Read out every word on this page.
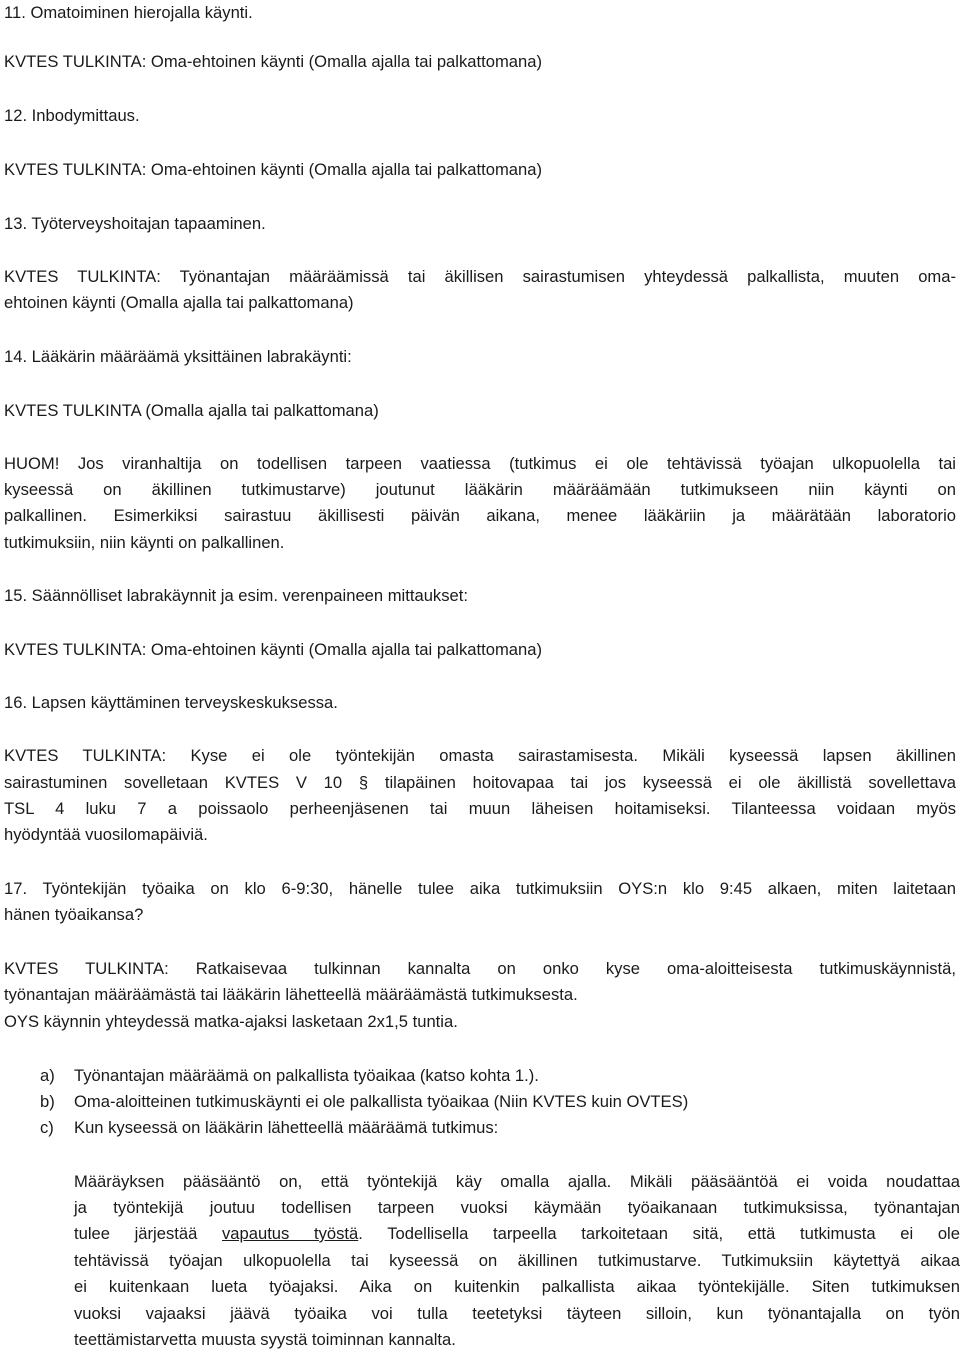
11. Omatoiminen hierojalla käynti.
KVTES TULKINTA: Oma-ehtoinen käynti (Omalla ajalla tai palkattomana)
12. Inbodymittaus.
KVTES TULKINTA: Oma-ehtoinen käynti (Omalla ajalla tai palkattomana)
13. Työterveyshoitajan tapaaminen.
KVTES TULKINTA: Työnantajan määräämissä tai äkillisen sairastumisen yhteydessä palkallista, muuten oma-
ehtoinen käynti (Omalla ajalla tai palkattomana)
14. Lääkärin määräämä yksittäinen labrakäynti:
KVTES TULKINTA (Omalla ajalla tai palkattomana)
HUOM! Jos viranhaltija on todellisen tarpeen vaatiessa (tutkimus ei ole tehtävissä työajan ulkopuolella tai
kyseessä on äkillinen tutkimustarve) joutunut lääkärin määräämään tutkimukseen niin käynti on
palkallinen. Esimerkiksi sairastuu äkillisesti päivän aikana, menee lääkäriin ja määrätään laboratorio
tutkimuksiin, niin käynti on palkallinen.
15. Säännölliset labrakäynnit ja esim. verenpaineen mittaukset:
KVTES TULKINTA: Oma-ehtoinen käynti (Omalla ajalla tai palkattomana)
16. Lapsen käyttäminen terveyskeskuksessa.
KVTES TULKINTA: Kyse ei ole työntekijän omasta sairastamisesta. Mikäli kyseessä lapsen äkillinen
sairastuminen sovelletaan KVTES V 10 § tilapäinen hoitovapaa tai jos kyseessä ei ole äkillistä sovellettava
TSL 4 luku 7 a poissaolo perheenjäsenen tai muun läheisen hoitamiseksi. Tilanteessa voidaan myös
hyödyntää vuosilomapäiviä.
17. Työntekijän työaika on klo 6-9:30, hänelle tulee aika tutkimuksiin OYS:n klo 9:45 alkaen, miten laitetaan
hänen työaikansa?
KVTES TULKINTA: Ratkaisevaa tulkinnan kannalta on onko kyse oma-aloitteisesta tutkimuskäynnistä,
työnantajan määräämästä tai lääkärin lähetteellä määräämästä tutkimuksesta.
OYS käynnin yhteydessä matka-ajaksi lasketaan 2x1,5 tuntia.
a) Työnantajan määräämä on palkallista työaikaa (katso kohta 1.).
b) Oma-aloitteinen tutkimuskäynti ei ole palkallista työaikaa (Niin KVTES kuin OVTES)
c) Kun kyseessä on lääkärin lähetteellä määräämä tutkimus:
Määräyksen pääsääntö on, että työntekijä käy omalla ajalla. Mikäli pääsääntöä ei voida noudattaa
ja työntekijä joutuu todellisen tarpeen vuoksi käymään työaikanaan tutkimuksissa, työnantajan
tulee järjestää vapautus työstä. Todellisella tarpeella tarkoitetaan sitä, että tutkimusta ei ole
tehtävissä työajan ulkopuolella tai kyseessä on äkillinen tutkimustarve. Tutkimuksiin käytettyä aikaa
ei kuitenkaan lueta työajaksi. Aika on kuitenkin palkallista aikaa työntekijälle. Siten tutkimuksen
vuoksi vajaaksi jäävä työaika voi tulla teetetyksi täyteen silloin, kun työnantajalla on työn
teettämistarvetta muusta syystä toiminnan kannalta.
